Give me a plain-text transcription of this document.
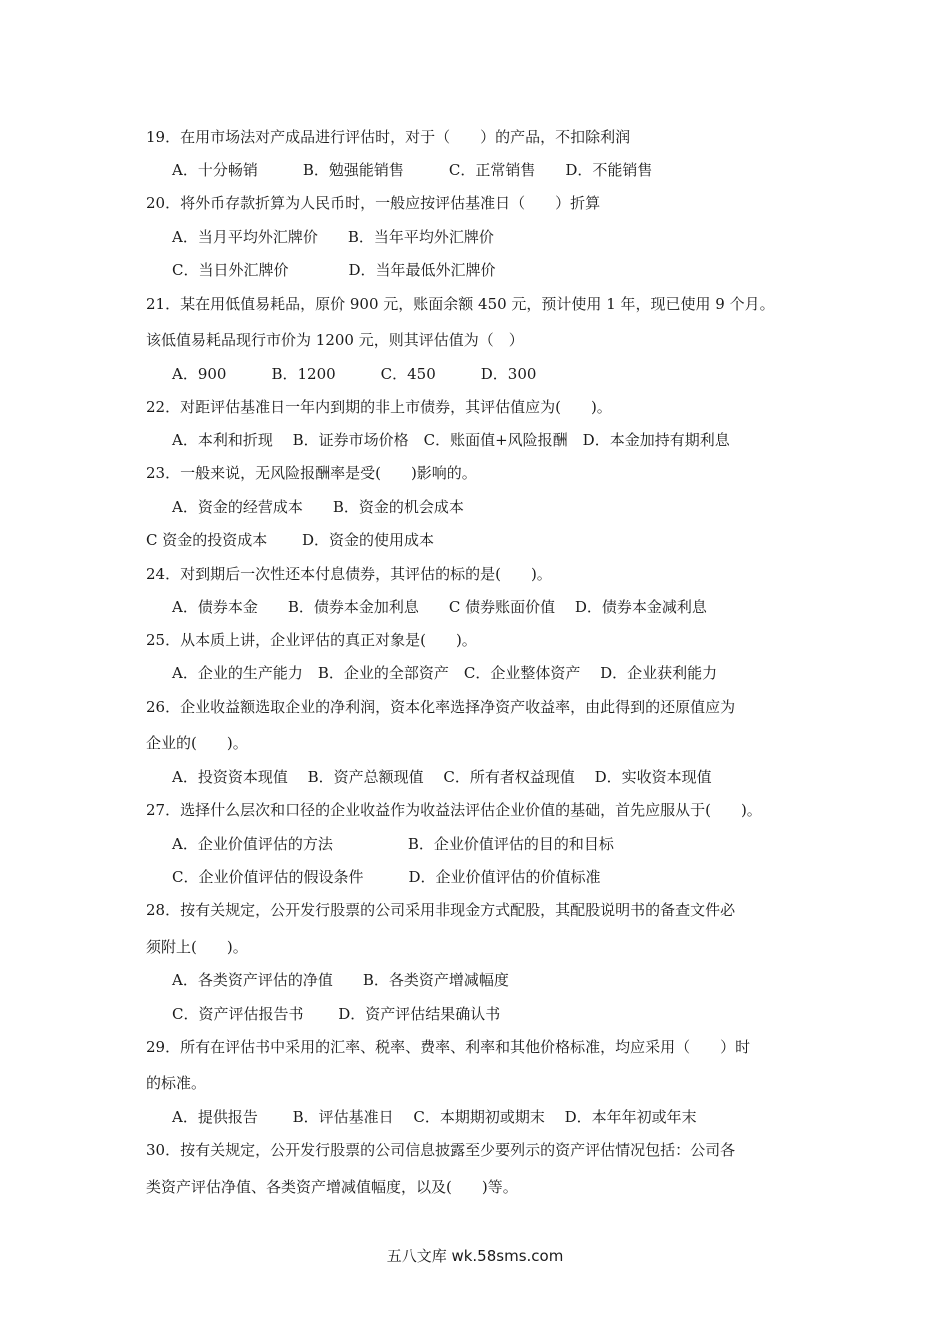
19．在用市场法对产成品进行评估时，对于（　　）的产品，不扣除利润
A．十分畅销　　　B．勉强能销售　　　C．正常销售　　D．不能销售
20．将外币存款折算为人民币时，一般应按评估基准日（　　）折算
A．当月平均外汇牌价　　B．当年平均外汇牌价
C．当日外汇牌价　　　　D．当年最低外汇牌价
21．某在用低值易耗品，原价 900 元，账面余额 450 元，预计使用 1 年，现已使用 9 个月。
该低值易耗品现行市价为 1200 元，则其评估值为（　）
A．900　　　B．1200　　　C．450　　　D．300
22．对距评估基准日一年内到期的非上市债券，其评估值应为(　　)。
A．本利和折现　 B．证券市场价格　C．账面值+风险报酬　D．本金加持有期利息
23．一般来说，无风险报酬率是受(　　)影响的。
A．资金的经营成本　　B．资金的机会成本
C 资金的投资成本　　 D．资金的使用成本
24．对到期后一次性还本付息债券，其评估的标的是(　　)。
A．债券本金　　B．债券本金加利息　　C 债券账面价值　 D．债券本金减利息
25．从本质上讲，企业评估的真正对象是(　　)。
A．企业的生产能力　B．企业的全部资产　C．企业整体资产　 D．企业获利能力
26．企业收益额选取企业的净利润，资本化率选择净资产收益率，由此得到的还原值应为
企业的(　　)。
A．投资资本现值　 B．资产总额现值　 C．所有者权益现值　 D．实收资本现值
27．选择什么层次和口径的企业收益作为收益法评估企业价值的基础，首先应服从于(　　)。
A．企业价值评估的方法　　　　　B．企业价值评估的目的和目标
C．企业价值评估的假设条件　　　D．企业价值评估的价值标准
28．按有关规定，公开发行股票的公司采用非现金方式配股，其配股说明书的备查文件必
须附上(　　)。
A．各类资产评估的净值　　B．各类资产增减幅度
C．资产评估报告书　　 D．资产评估结果确认书
29．所有在评估书中采用的汇率、税率、费率、利率和其他价格标准，均应采用（　　）时
的标准。
A．提供报告　　 B．评估基准日　 C．本期期初或期末　 D．本年年初或年末
30．按有关规定，公开发行股票的公司信息披露至少要列示的资产评估情况包括：公司各
类资产评估净值、各类资产增减值幅度，以及(　　)等。
五八文库 wk.58sms.com
